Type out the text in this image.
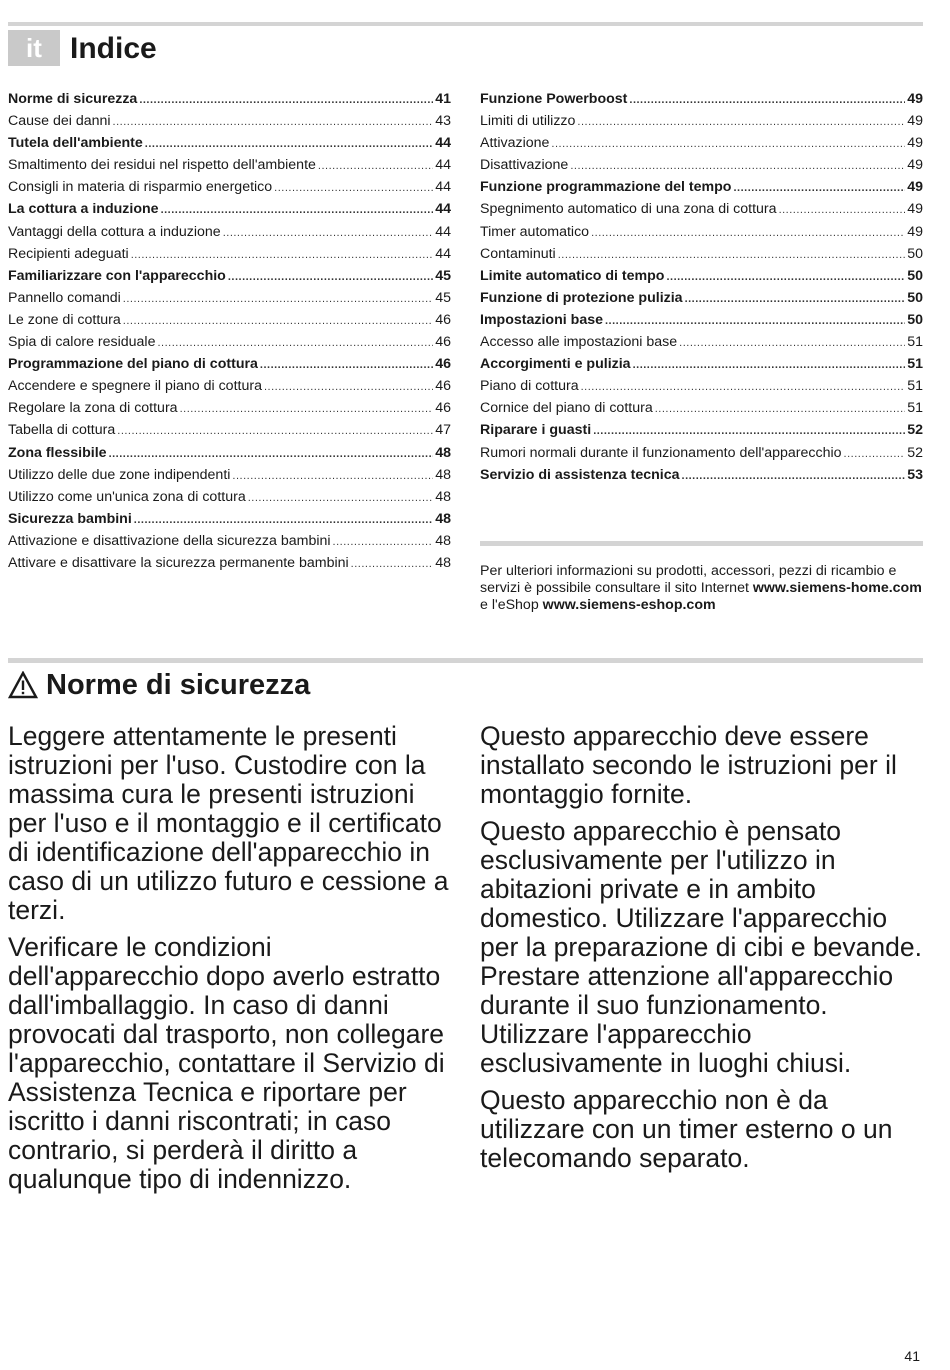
it Indice
Norme di sicurezza .....	41
Cause dei danni .....	43
Tutela dell'ambiente .....	44
Smaltimento dei residui nel rispetto dell'ambiente .....	44
Consigli in materia di risparmio energetico .....	44
La cottura a induzione .....	44
Vantaggi della cottura a induzione .....	44
Recipienti adeguati .....	44
Familiarizzare con l'apparecchio .....	45
Pannello comandi .....	45
Le zone di cottura .....	46
Spia di calore residuale .....	46
Programmazione del piano di cottura .....	46
Accendere e spegnere il piano di cottura .....	46
Regolare la zona di cottura .....	46
Tabella di cottura .....	47
Zona flessibile .....	48
Utilizzo delle due zone indipendenti .....	48
Utilizzo come un'unica zona di cottura .....	48
Sicurezza bambini .....	48
Attivazione e disattivazione della sicurezza bambini .....	48
Attivare e disattivare la sicurezza permanente bambini .....	48
Funzione Powerboost .....	49
Limiti di utilizzo .....	49
Attivazione .....	49
Disattivazione .....	49
Funzione programmazione del tempo .....	49
Spegnimento automatico di una zona di cottura .....	49
Timer automatico .....	49
Contaminuti .....	50
Limite automatico di tempo .....	50
Funzione di protezione pulizia .....	50
Impostazioni base .....	50
Accesso alle impostazioni base .....	51
Accorgimenti e pulizia .....	51
Piano di cottura .....	51
Cornice del piano di cottura .....	51
Riparare i guasti .....	52
Rumori normali durante il funzionamento dell'apparecchio .....	52
Servizio di assistenza tecnica .....	53

Per ulteriori informazioni su prodotti, accessori, pezzi di ricambio e servizi è possibile consultare il sito Internet www.siemens-home.com e l'eShop www.siemens-eshop.com

Norme di sicurezza

Leggere attentamente le presenti istruzioni per l'uso. Custodire con la massima cura le presenti istruzioni per l'uso e il montaggio e il certificato di identificazione dell'apparecchio in caso di un utilizzo futuro e cessione a terzi.

Verificare le condizioni dell'apparecchio dopo averlo estratto dall'imballaggio. In caso di danni provocati dal trasporto, non collegare l'apparecchio, contattare il Servizio di Assistenza Tecnica e riportare per iscritto i danni riscontrati; in caso contrario, si perderà il diritto a qualunque tipo di indennizzo.

Questo apparecchio deve essere installato secondo le istruzioni per il montaggio fornite.

Questo apparecchio è pensato esclusivamente per l'utilizzo in abitazioni private e in ambito domestico. Utilizzare l'apparecchio per la preparazione di cibi e bevande. Prestare attenzione all'apparecchio durante il suo funzionamento. Utilizzare l'apparecchio esclusivamente in luoghi chiusi.

Questo apparecchio non è da utilizzare con un timer esterno o un telecomando separato.

41
